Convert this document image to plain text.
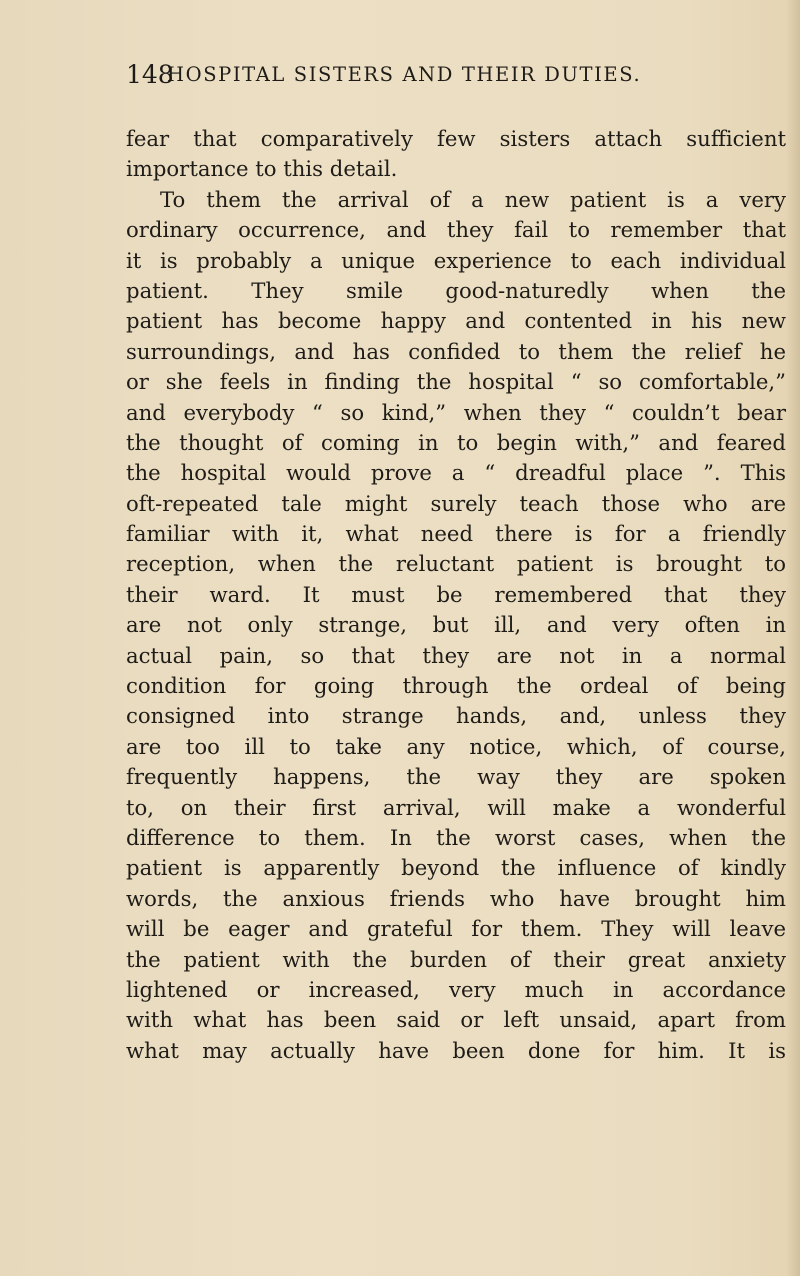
148
HOSPITAL SISTERS AND THEIR DUTIES.
fear that comparatively few sisters attach sufficient
importance to this detail.
To them the arrival of a new patient is a very
ordinary occurrence, and they fail to remember that
it is probably a unique experience to each individual
patient. They smile good-naturedly when the
patient has become happy and contented in his new
surroundings, and has confided to them the relief he
or she feels in finding the hospital “ so comfortable,”
and everybody “ so kind,” when they “ couldn’t bear
the thought of coming in to begin with,” and feared
the hospital would prove a “ dreadful place ”. This
oft-repeated tale might surely teach those who are
familiar with it, what need there is for a friendly
reception, when the reluctant patient is brought to
their ward. It must be remembered that they
are not only strange, but ill, and very often in
actual pain, so that they are not in a normal
condition for going through the ordeal of being
consigned into strange hands, and, unless they
are too ill to take any notice, which, of course,
frequently happens, the way they are spoken
to, on their first arrival, will make a wonderful
difference to them. In the worst cases, when the
patient is apparently beyond the influence of kindly
words, the anxious friends who have brought him
will be eager and grateful for them. They will leave
the patient with the burden of their great anxiety
lightened or increased, very much in accordance
with what has been said or left unsaid, apart from
what may actually have been done for him. It is
